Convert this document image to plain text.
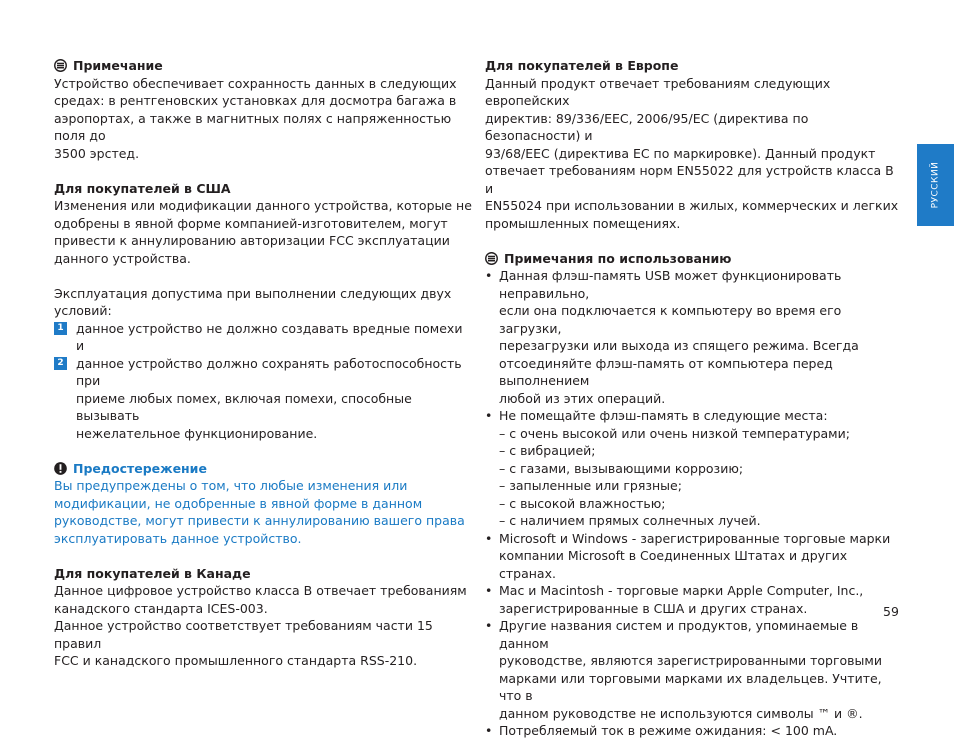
Примечание

Устройство обеспечивает сохранность данных в следующих

средах: в рентгеновских установках для досмотра багажа в

аэропортах, а также в магнитных полях с напряженностью поля до

3500 эрстед.

Для покупателей в США

Изменения или модификации данного устройства, которые не

одобрены в явной форме компанией-изготовителем, могут

привести к аннулированию авторизации FCC эксплуатации

данного устройства.

Эксплуатация допустима при выполнении следующих двух

условий:

1 данное устройство не должно создавать вредные помехи и

2 данное устройство должно сохранять работоспособность при

приеме любых помех, включая помехи, способные вызывать

нежелательное функционирование.

Предостережение

Вы предупреждены о том, что любые изменения или

модификации, не одобренные в явной форме в данном

руководстве, могут привести к аннулированию вашего права

эксплуатировать данное устройство.

Для покупателей в Канаде

Данное цифровое устройство класса B отвечает требованиям

канадского стандарта ICES-003.

Данное устройство соответствует требованиям части 15 правил

FCC и канадского промышленного стандарта RSS-210.

Для покупателей в Европе

Данный продукт отвечает требованиям следующих европейских

директив: 89/336/EEC, 2006/95/EC (директива по безопасности) и

93/68/EEC (директива EC по маркировке). Данный продукт

отвечает требованиям норм EN55022 для устройств класса B и

EN55024 при использовании в жилых, коммерческих и легких

промышленных помещениях.

Примечания по использованию

• Данная флэш-память USB может функционировать неправильно,

если она подключается к компьютеру во время его загрузки,

перезагрузки или выхода из спящего режима. Всегда

отсоединяйте флэш-память от компьютера перед выполнением

любой из этих операций.

• Не помещайте флэш-память в следующие места:

– с очень высокой или очень низкой температурами;

– с вибрацией;

– с газами, вызывающими коррозию;

– запыленные или грязные;

– с высокой влажностью;

– с наличием прямых солнечных лучей.

• Microsoft и Windows - зарегистрированные торговые марки

компании Microsoft в Соединенных Штатах и других странах.

• Mac и Macintosh - торговые марки Apple Computer, Inc.,

зарегистрированные в США и других странах.

• Другие названия систем и продуктов, упоминаемые в данном

руководстве, являются зарегистрированными торговыми

марками или торговыми марками их владельцев. Учтите, что в

данном руководстве не используются символы ™ и ®.

• Потребляемый ток в режиме ожидания: < 100 mA.

РУССКИЙ
59
